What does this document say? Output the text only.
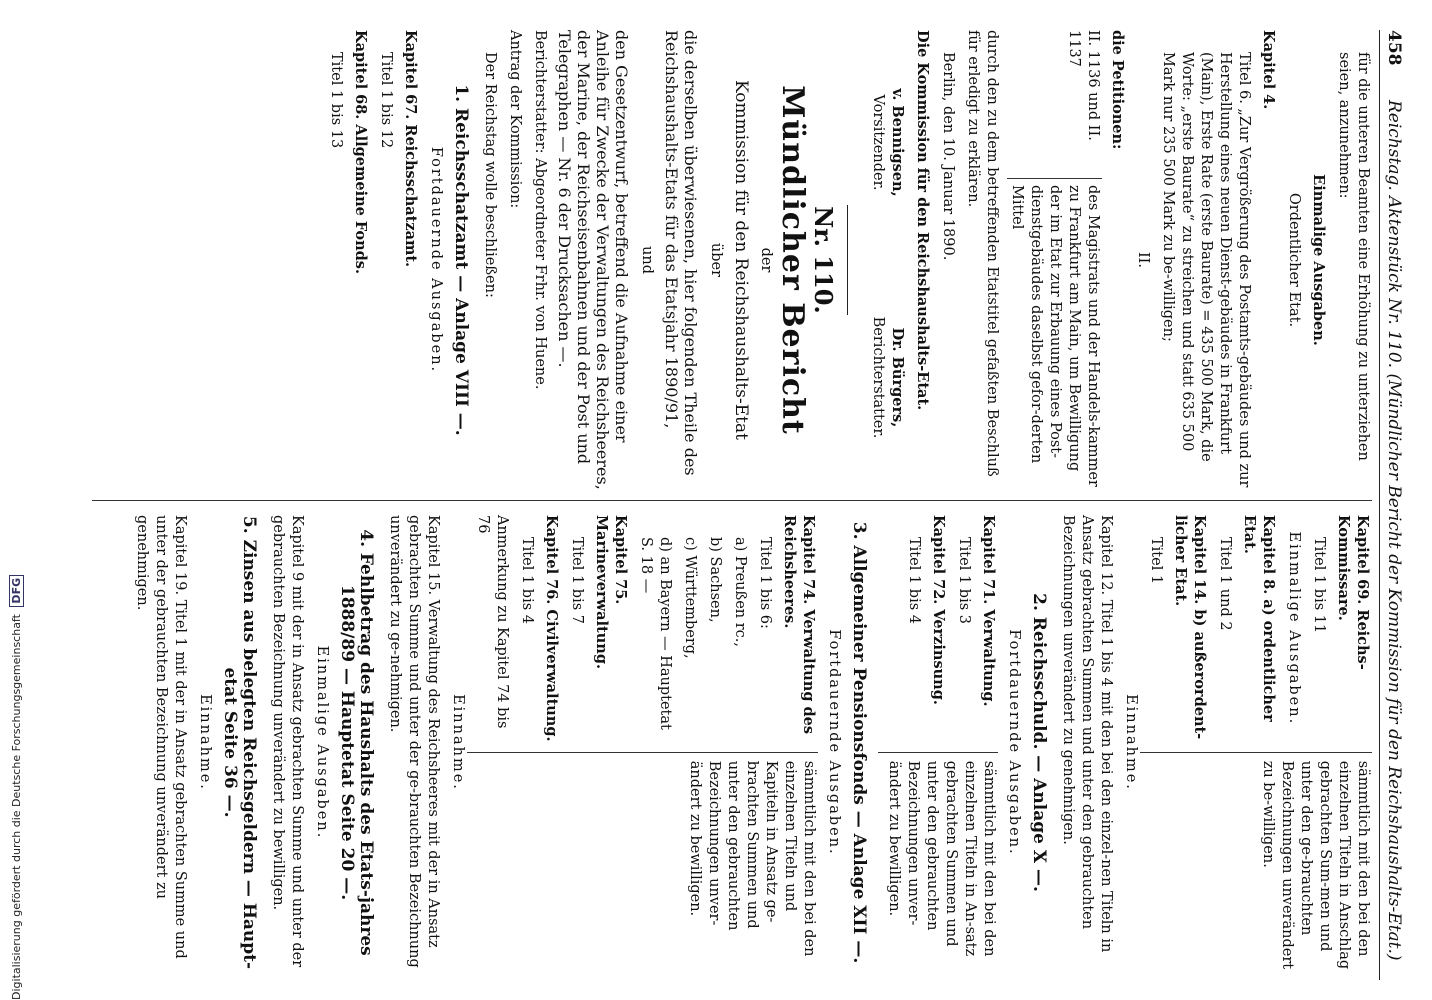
Digitalisierung gefördert durch die Deutsche Forschungsgemeinschaft DFG
458
Reichstag. Aktenstück Nr. 110. (Mündlicher Bericht der Kommission für den Reichshaushalts-Etat.)

für die unteren Beamten eine Erhöhung zu unterziehen seien, anzunehmen:

Einmalige Ausgaben.

Ordentlicher Etat.

Kapitel 4.

Titel 6. „Zur Vergrößerung des Postamts-gebäudes und zur Herstellung eines neuen Dienst-gebäudes in Frankfurt (Main), Erste Rate (erste Baurate) = 435 500 Mark, die Worte: „erste Baurate“ zu streichen und statt 635 500 Mark nur 235 500 Mark zu be-willigen;

II.

die Petitionen:

II. 1136 und II. 1137

des Magistrats und der Handels-kammer zu Frankfurt am Main, um Bewilligung der im Etat zur Erbauung eines Post-dienstgebäudes daselbst gefor-derten Mittel

durch den zu dem betreffenden Etatstitel gefaßten Beschluß für erledigt zu erklären.

Berlin, den 10. Januar 1890.

Die Kommission für den Reichshaushalts-Etat.

v. Bennigsen,
Vorsitzender.

Dr. Bürgers,
Berichterstatter.

Nr. 110.

Mündlicher Bericht

der

Kommission für den Reichshaushalts-Etat

über

die derselben überwiesenen, hier folgenden Theile des Reichshaushalts-Etats für das Etatsjahr 1890/91,

und

den Gesetzentwurf, betreffend die Aufnahme einer Anleihe für Zwecke der Verwaltungen des Reichsheeres, der Marine, der Reichseisenbahnen und der Post und Telegraphen — Nr. 6 der Drucksachen —.

Berichterstatter: Abgeordneter Frhr. von Huene.

Antrag der Kommission:

Der Reichstag wolle beschließen:

1. Reichsschatzamt — Anlage VIII —.

Fortdauernde Ausgaben.

Kapitel 67. Reichsschatzamt.

Titel 1 bis 12

Kapitel 68. Allgemeine Fonds.

Titel 1 bis 13

Kapitel 69. Reichs-Kommissare.

Titel 1 bis 11

Einmalige Ausgaben.

Kapitel 8. a) ordentlicher Etat.

Titel 1 und 2

Kapitel 14. b) außerordent-licher Etat.

Titel 1

sämmtlich mit den bei den einzelnen Titeln in Anschlag gebrachten Sum-men und unter den ge-brauchten Bezeichnungen unverändert zu be-willigen.

Einnahme.

Kapitel 12. Titel 1 bis 4 mit den bei den einzel-nen Titeln in Ansatz gebrachten Summen und unter den gebrauchten Bezeichnungen unverändert zu genehmigen.

2. Reichsschuld. — Anlage X —.

Fortdauernde Ausgaben.

Kapitel 71. Verwaltung.

Titel 1 bis 3

Kapitel 72. Verzinsung.

Titel 1 bis 4

sämmtlich mit den bei den einzelnen Titeln in An-satz gebrachten Summen und unter den gebrauchten Bezeichnungen unver-ändert zu bewilligen.

3. Allgemeiner Pensionsfonds — Anlage XII —.

Fortdauernde Ausgaben.

Kapitel 74. Verwaltung des Reichsheeres.

Titel 1 bis 6:

a) Preußen rc.,

b) Sachsen,

c) Württemberg,

d) an Bayern — Hauptetat S. 18 —

Kapitel 75. Marineverwaltung.

Titel 1 bis 7

Kapitel 76. Civilverwaltung.

Titel 1 bis 4

Anmerkung zu Kapitel 74 bis 76

sämmtlich mit den bei den einzelnen Titeln und Kapiteln in Ansatz ge-brachten Summen und unter den gebrauchten Bezeichnungen unver-ändert zu bewilligen.

Einnahme.

Kapitel 15. Verwaltung des Reichsheeres mit der in Ansatz gebrachten Summe und unter der ge-brauchten Bezeichnung unverändert zu ge-nehmigen.

4. Fehlbetrag des Haushalts des Etats-jahres 1888/89 — Hauptetat Seite 20 —.

Einmalige Ausgaben.

Kapitel 9 mit der in Ansatz gebrachten Summe und unter der gebrauchten Bezeichnung unverändert zu bewilligen.

5. Zinsen aus belegten Reichsgeldern — Haupt-etat Seite 36 —.

Einnahme.

Kapitel 19. Titel 1 mit der in Ansatz gebrachten Summe und unter der gebrauchten Bezeichnung unverändert zu genehmigen.
